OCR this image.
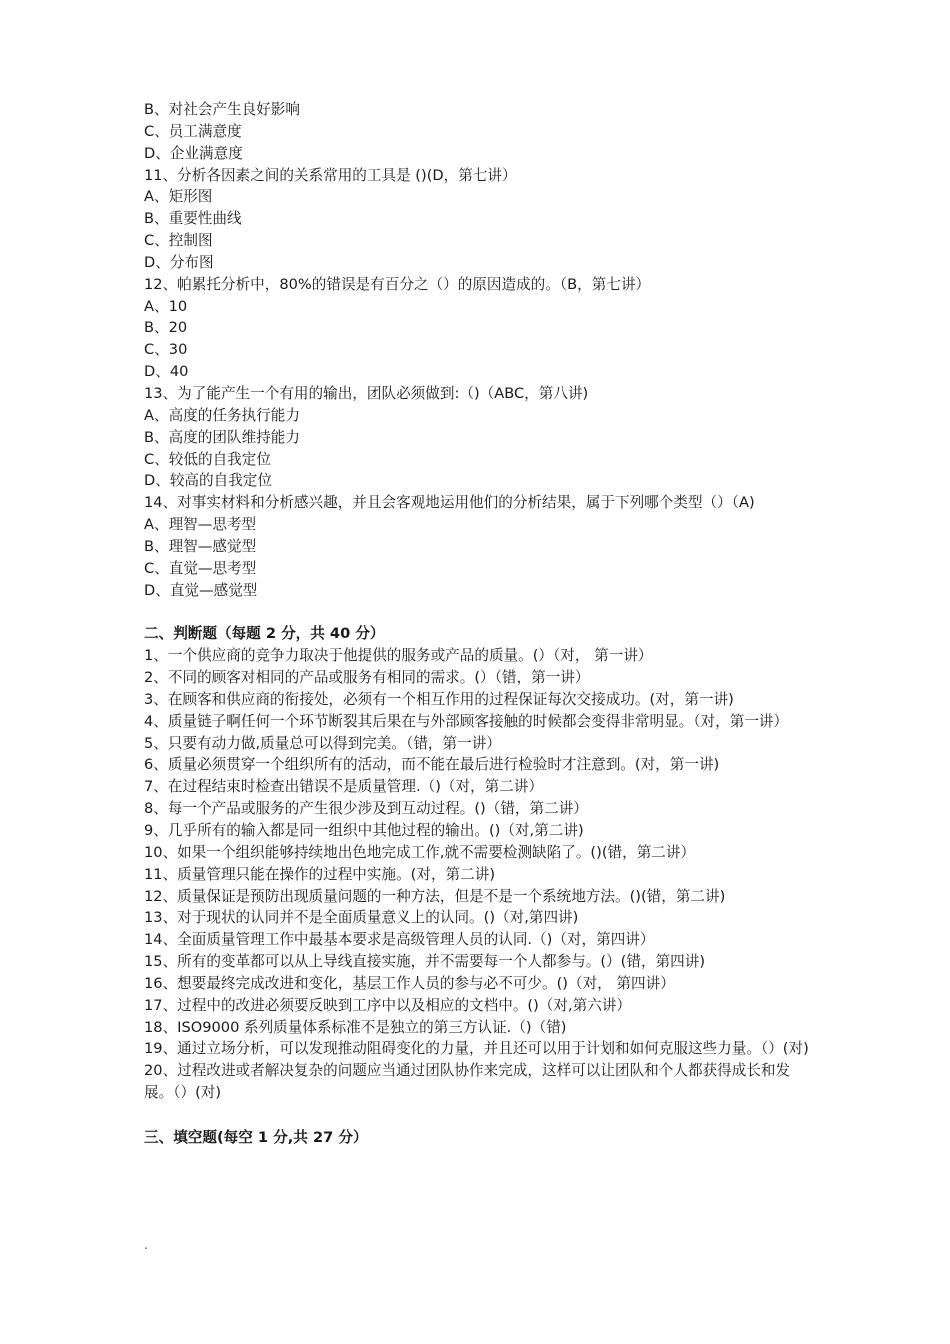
B、对社会产生良好影响
C、员工满意度
D、企业满意度
11、分析各因素之间的关系常用的工具是 ()(D，第七讲）
A、矩形图
B、重要性曲线
C、控制图
D、分布图
12、帕累托分析中，80%的错误是有百分之（）的原因造成的。（B，第七讲）
A、10
B、20
C、30
D、40
13、为了能产生一个有用的输出，团队必须做到:（)（ABC，第八讲)
A、高度的任务执行能力
B、高度的团队维持能力
C、较低的自我定位
D、较高的自我定位
14、对事实材料和分析感兴趣，并且会客观地运用他们的分析结果，属于下列哪个类型（）（A)
A、理智—思考型
B、理智—感觉型
C、直觉—思考型
D、直觉—感觉型
二、判断题（每题 2 分，共 40 分）
1、一个供应商的竞争力取决于他提供的服务或产品的质量。(）（对， 第一讲）
2、不同的顾客对相同的产品或服务有相同的需求。(）（错，第一讲）
3、在顾客和供应商的衔接处，必须有一个相互作用的过程保证每次交接成功。(对，第一讲)
4、质量链子啊任何一个环节断裂其后果在与外部顾客接触的时候都会变得非常明显。（对，第一讲）
5、只要有动力做,质量总可以得到完美。（错，第一讲）
6、质量必须贯穿一个组织所有的活动，而不能在最后进行检验时才注意到。(对，第一讲)
7、在过程结束时检查出错误不是质量管理.（)（对，第二讲）
8、每一个产品或服务的产生很少涉及到互动过程。()（错，第二讲）
9、几乎所有的输入都是同一组织中其他过程的输出。()（对,第二讲)
10、如果一个组织能够持续地出色地完成工作,就不需要检测缺陷了。()(错，第二讲）
11、质量管理只能在操作的过程中实施。(对，第二讲)
12、质量保证是预防出现质量问题的一种方法，但是不是一个系统地方法。()(错，第二讲)
13、对于现状的认同并不是全面质量意义上的认同。()（对,第四讲)
14、全面质量管理工作中最基本要求是高级管理人员的认同.（)（对，第四讲）
15、所有的变革都可以从上导线直接实施，并不需要每一个人都参与。(）(错，第四讲)
16、想要最终完成改进和变化，基层工作人员的参与必不可少。()（对， 第四讲）
17、过程中的改进必须要反映到工序中以及相应的文档中。()（对,第六讲）
18、ISO9000 系列质量体系标准不是独立的第三方认证.（)（错)
19、通过立场分析，可以发现推动阻碍变化的力量，并且还可以用于计划和如何克服这些力量。（）(对)
20、过程改进或者解决复杂的问题应当通过团队协作来完成，这样可以让团队和个人都获得成长和发展。（）(对)
三、填空题(每空 1 分,共 27 分）
.
